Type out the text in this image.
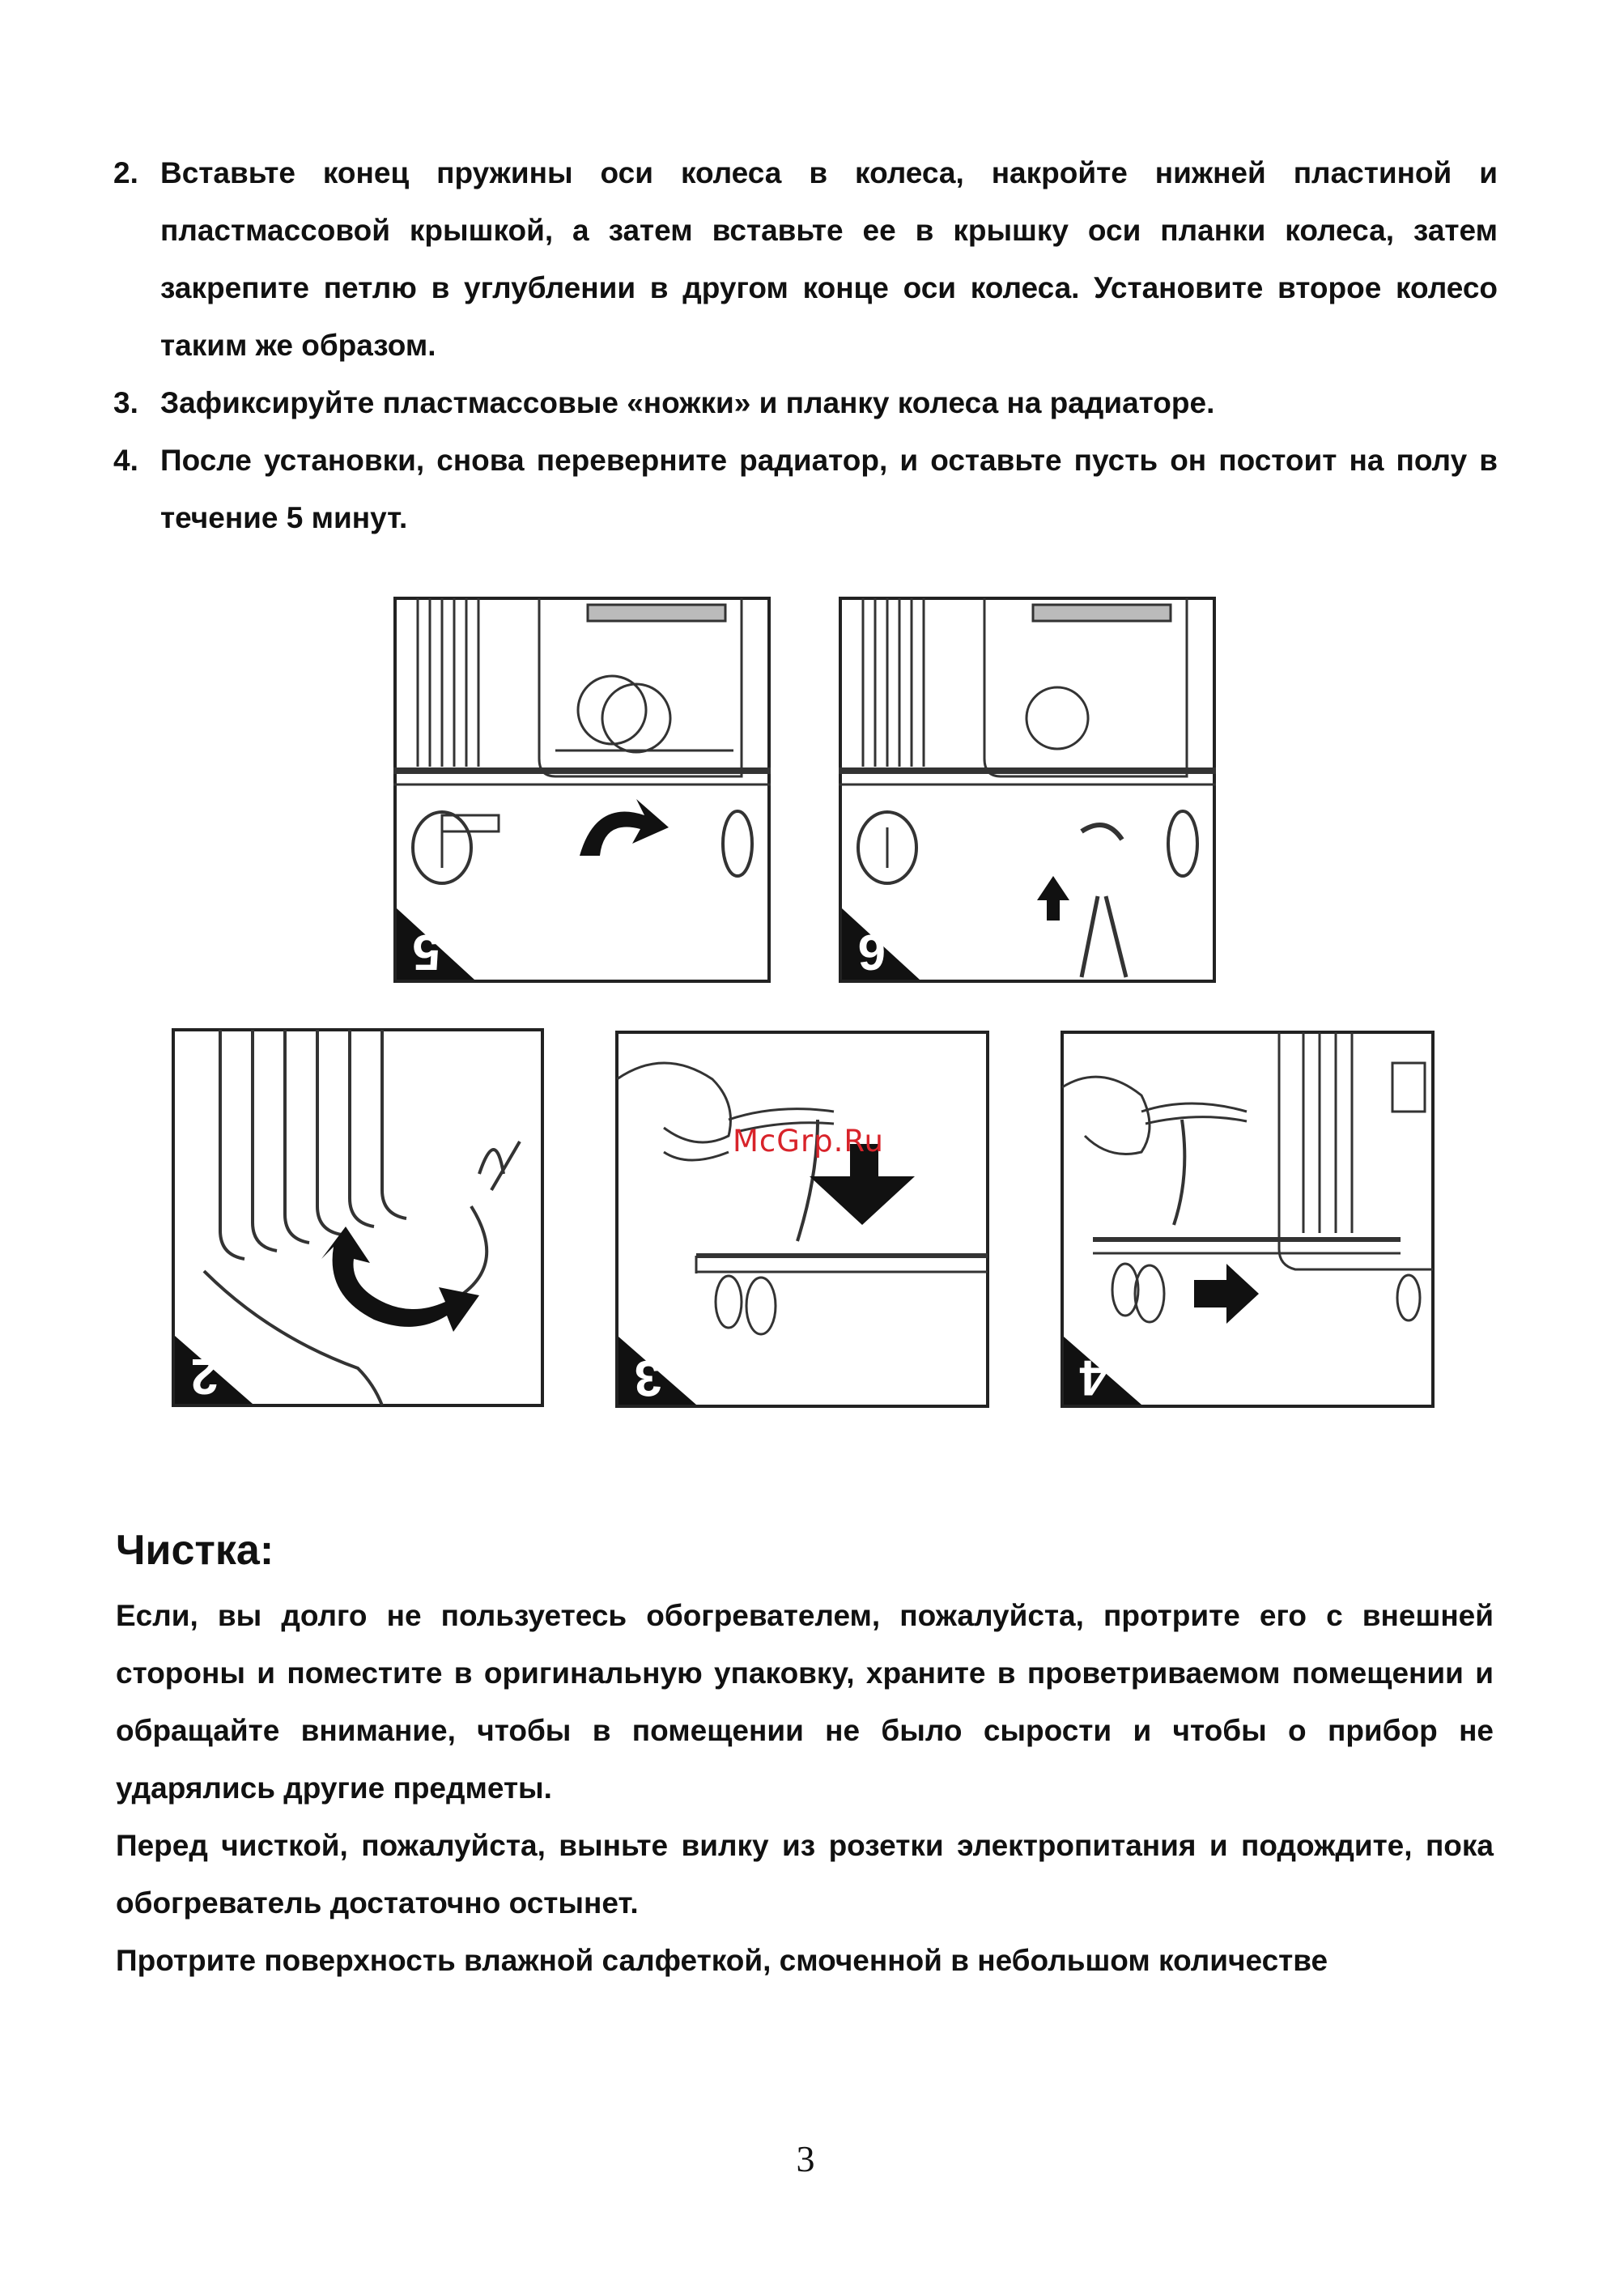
2. Вставьте конец пружины оси колеса в колеса, накройте нижней пластиной и пластмассовой крышкой, а затем вставьте ее в крышку оси планки колеса, затем закрепите петлю в углублении в другом конце оси колеса. Установите второе колесо таким же образом.
3. Зафиксируйте пластмассовые «ножки» и планку колеса на радиаторе.
4. После установки, снова переверните радиатор, и оставьте пусть он постоит на полу в течение 5 минут.
5	6
2	3	4
McGrp.Ru
Чистка:

Если, вы долго не пользуетесь обогревателем, пожалуйста, протрите его с внешней стороны и поместите в оригинальную упаковку, храните в проветриваемом помещении и обращайте внимание, чтобы в помещении не было сырости и чтобы о прибор не ударялись другие предметы.

Перед чисткой, пожалуйста, выньте вилку из розетки электропитания и подождите, пока обогреватель достаточно остынет.

Протрите поверхность влажной салфеткой, смоченной в небольшом количестве

3
